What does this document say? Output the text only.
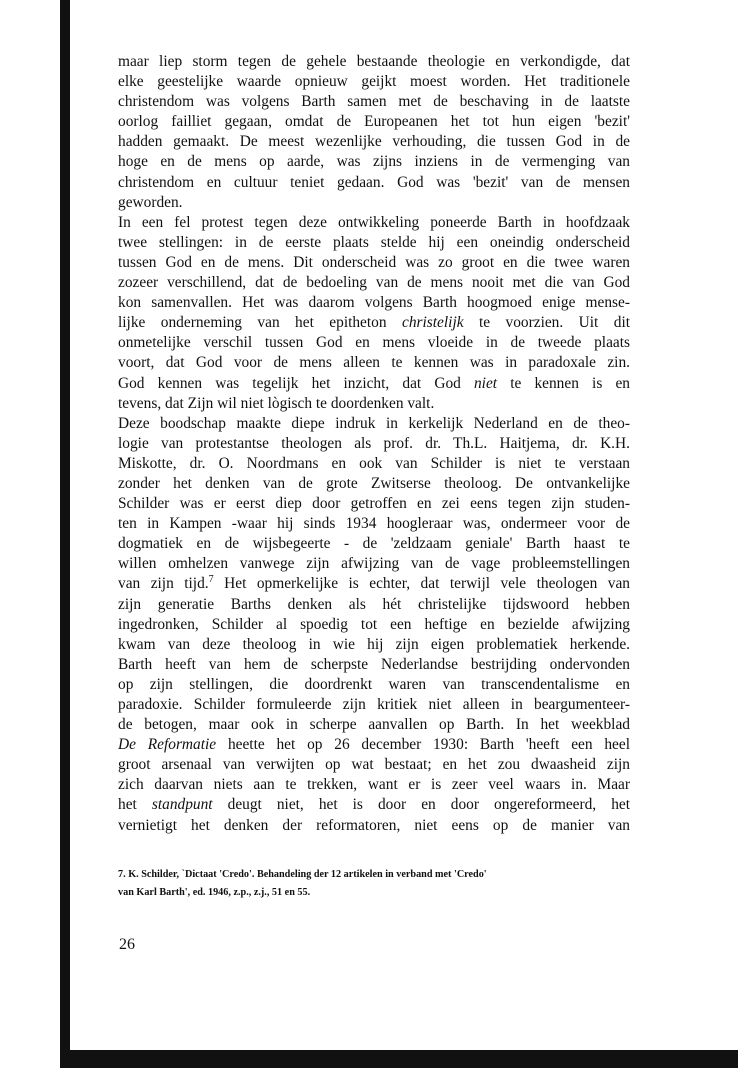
maar liep storm tegen de gehele bestaande theologie en verkondigde, dat
elke geestelijke waarde opnieuw geijkt moest worden. Het traditionele
christendom was volgens Barth samen met de beschaving in de laatste
oorlog failliet gegaan, omdat de Europeanen het tot hun eigen 'bezit'
hadden gemaakt. De meest wezenlijke verhouding, die tussen God in de
hoge en de mens op aarde, was zijns inziens in de vermenging van
christendom en cultuur teniet gedaan. God was 'bezit' van de mensen
geworden.
In een fel protest tegen deze ontwikkeling poneerde Barth in hoofdzaak
twee stellingen: in de eerste plaats stelde hij een oneindig onderscheid
tussen God en de mens. Dit onderscheid was zo groot en die twee waren
zozeer verschillend, dat de bedoeling van de mens nooit met die van God
kon samenvallen. Het was daarom volgens Barth hoogmoed enige mense-
lijke onderneming van het epitheton christelijk te voorzien. Uit dit
onmetelijke verschil tussen God en mens vloeide in de tweede plaats
voort, dat God voor de mens alleen te kennen was in paradoxale zin.
God kennen was tegelijk het inzicht, dat God niet te kennen is en
tevens, dat Zijn wil niet lògisch te doordenken valt.
Deze boodschap maakte diepe indruk in kerkelijk Nederland en de theo-
logie van protestantse theologen als prof. dr. Th.L. Haitjema, dr. K.H.
Miskotte, dr. O. Noordmans en ook van Schilder is niet te verstaan
zonder het denken van de grote Zwitserse theoloog. De ontvankelijke
Schilder was er eerst diep door getroffen en zei eens tegen zijn studen-
ten in Kampen -waar hij sinds 1934 hoogleraar was, ondermeer voor de
dogmatiek en de wijsbegeerte - de 'zeldzaam geniale' Barth haast te
willen omhelzen vanwege zijn afwijzing van de vage probleemstellingen
van zijn tijd.$^7$ Het opmerkelijke is echter, dat terwijl vele theologen van
zijn generatie Barths denken als hét christelijke tijdswoord hebben
ingedronken, Schilder al spoedig tot een heftige en bezielde afwijzing
kwam van deze theoloog in wie hij zijn eigen problematiek herkende.
Barth heeft van hem de scherpste Nederlandse bestrijding ondervonden
op zijn stellingen, die doordrenkt waren van transcendentalisme en
paradoxie. Schilder formuleerde zijn kritiek niet alleen in beargumenteer-
de betogen, maar ook in scherpe aanvallen op Barth. In het weekblad
De Reformatie heette het op 26 december 1930: Barth 'heeft een heel
groot arsenaal van verwijten op wat bestaat; en het zou dwaasheid zijn
zich daarvan niets aan te trekken, want er is zeer veel waars in. Maar
het standpunt deugt niet, het is door en door ongereformeerd, het
vernietigt het denken der reformatoren, niet eens op de manier van
7. K. Schilder, `Dictaat 'Credo'. Behandeling der 12 artikelen in verband met 'Credo'
van Karl Barth', ed. 1946, z.p., z.j., 51 en 55.
26
